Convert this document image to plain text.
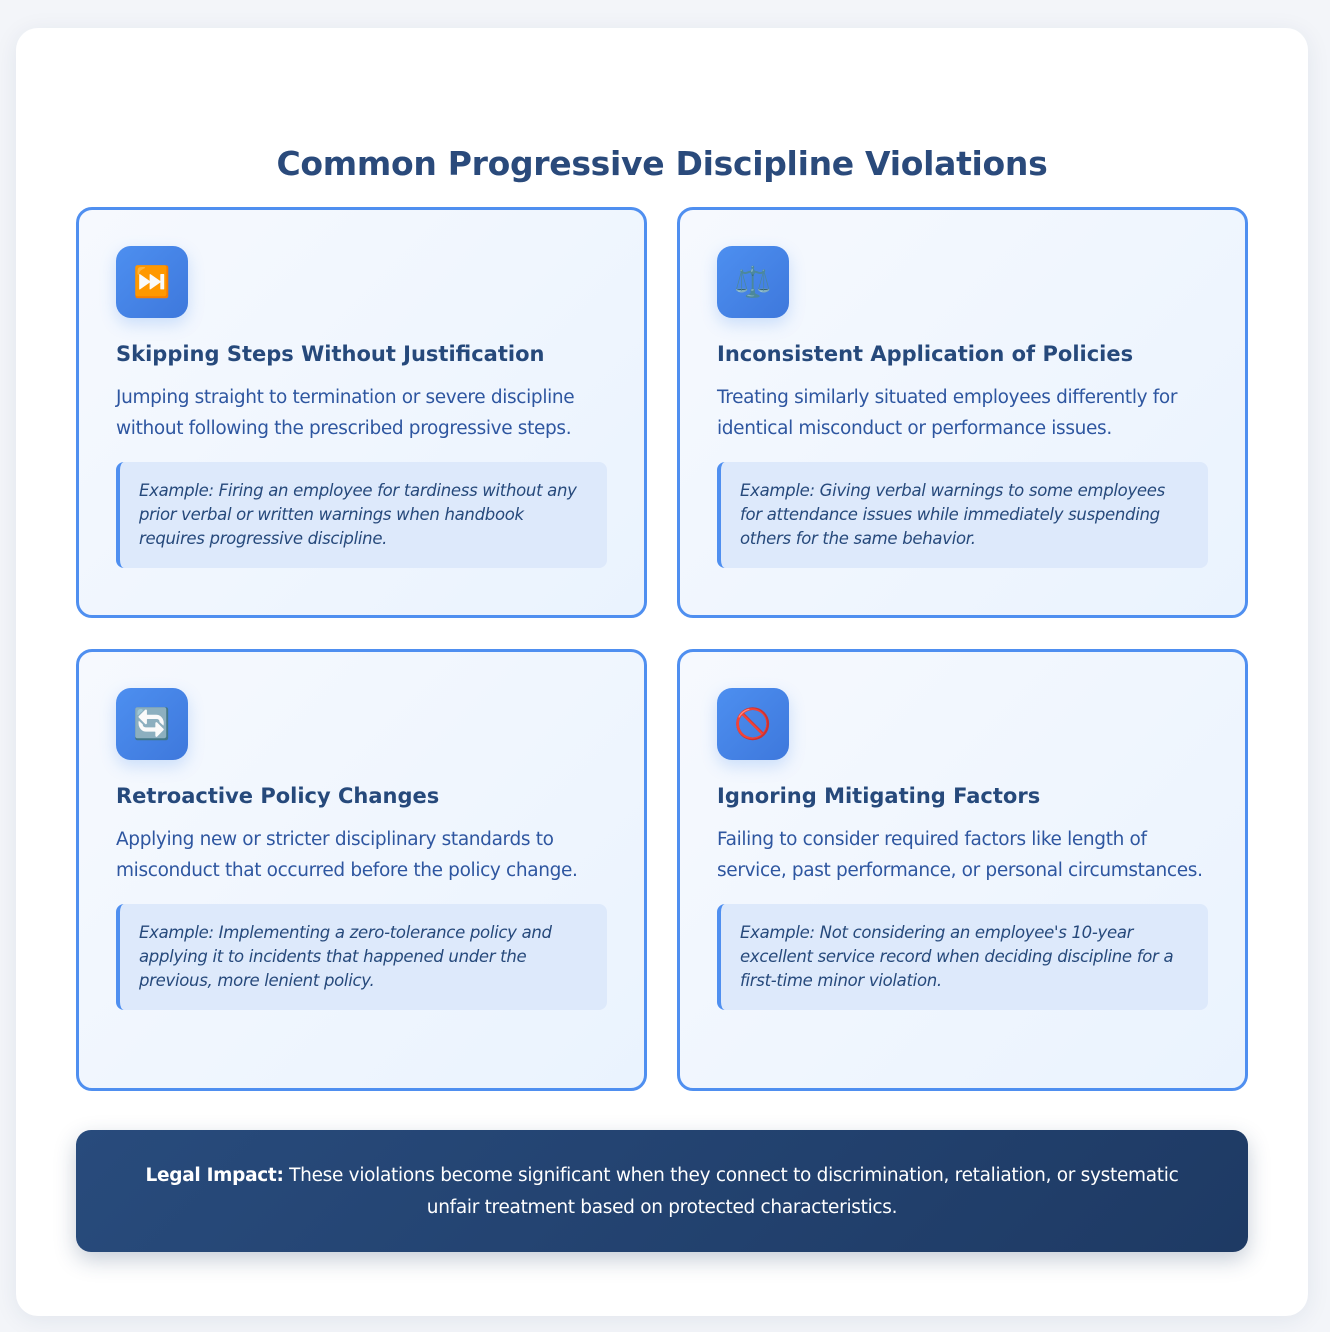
Common Progressive Discipline Violations
⏭️
Skipping Steps Without Justification
Jumping straight to termination or severe discipline without following the prescribed progressive steps.
Example: Firing an employee for tardiness without any prior verbal or written warnings when handbook requires progressive discipline.
⚖️
Inconsistent Application of Policies
Treating similarly situated employees differently for identical misconduct or performance issues.
Example: Giving verbal warnings to some employees for attendance issues while immediately suspending others for the same behavior.
🔄
Retroactive Policy Changes
Applying new or stricter disciplinary standards to misconduct that occurred before the policy change.
Example: Implementing a zero-tolerance policy and applying it to incidents that happened under the previous, more lenient policy.
🚫
Ignoring Mitigating Factors
Failing to consider required factors like length of service, past performance, or personal circumstances.
Example: Not considering an employee's 10-year excellent service record when deciding discipline for a first-time minor violation.
Legal Impact: These violations become significant when they connect to discrimination, retaliation, or systematic unfair treatment based on protected characteristics.
